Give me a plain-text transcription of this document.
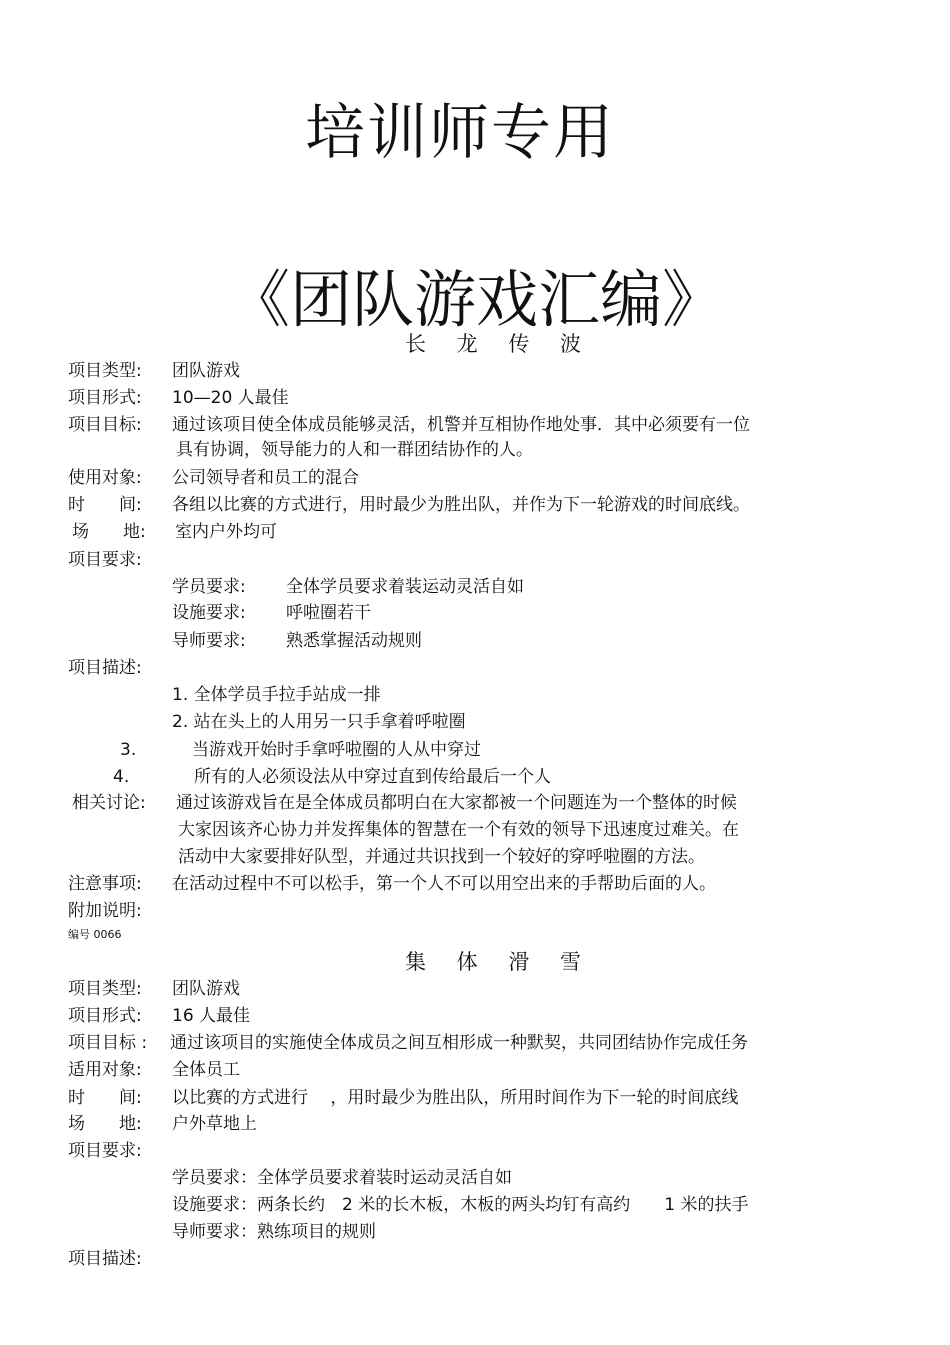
培训师专用
《团队游戏汇编》
长 龙 传 波
项目类型: 团队游戏
项目形式: 10—20 人最佳
项目目标: 通过该项目使全体成员能够灵活，机警并互相协作地处事．其中必须要有一位
具有协调，领导能力的人和一群团结协作的人。
使用对象: 公司领导者和员工的混合
时　　间: 各组以比赛的方式进行，用时最少为胜出队，并作为下一轮游戏的时间底线。
场　　地: 室内户外均可
项目要求:
学员要求: 全体学员要求着装运动灵活自如
设施要求: 呼啦圈若干
导师要求: 熟悉掌握活动规则
项目描述:
1. 全体学员手拉手站成一排
2. 站在头上的人用另一只手拿着呼啦圈
3.	当游戏开始时手拿呼啦圈的人从中穿过
4.	所有的人必须设法从中穿过直到传给最后一个人
相关讨论: 通过该游戏旨在是全体成员都明白在大家都被一个问题连为一个整体的时候
大家因该齐心协力并发挥集体的智慧在一个有效的领导下迅速度过难关。在
活动中大家要排好队型，并通过共识找到一个较好的穿呼啦圈的方法。
注意事项: 在活动过程中不可以松手，第一个人不可以用空出来的手帮助后面的人。
附加说明:
编号 0066
集 体 滑 雪
项目类型: 团队游戏
项目形式: 16 人最佳
项目目标 : 通过该项目的实施使全体成员之间互相形成一种默契，共同团结协作完成任务
适用对象: 全体员工
时　　间: 以比赛的方式进行　 ，用时最少为胜出队，所用时间作为下一轮的时间底线
场　　地: 户外草地上
项目要求:
学员要求：全体学员要求着装时运动灵活自如
设施要求：两条长约　2 米的长木板，木板的两头均钉有高约　　1 米的扶手
导师要求：熟练项目的规则
项目描述:
